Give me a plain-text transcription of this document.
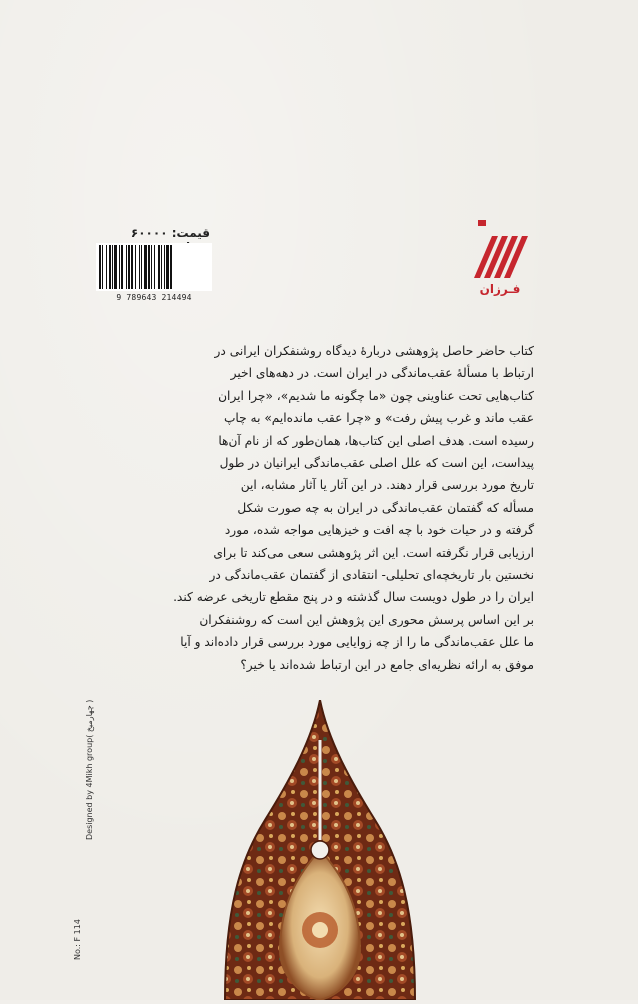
قیمت: ۶۰۰۰۰
9 789643 214494
فـرزان

کتاب حاضر حاصل پژوهشی دربارهٔ دیدگاه روشنفکران ایرانی در

ارتباط با مسألهٔ عقب‌ماندگی در ایران است. در دهه‌های اخیر

کتاب‌هایی تحت عناوینی چون «ما چگونه ما شدیم»، «چرا ایران

عقب ماند و غرب پیش رفت» و «چرا عقب مانده‌ایم» به چاپ

رسیده است. هدف اصلی این کتاب‌ها، همان‌طور که از نام آن‌ها

پیداست، این است که علل اصلی عقب‌ماندگی ایرانیان در طول

تاریخ مورد بررسی قرار دهند. در این آثار یا آثار مشابه، این

مسأله که گفتمان عقب‌ماندگی در ایران به چه صورت شکل

گرفته و در حیات خود با چه افت و خیزهایی مواجه شده، مورد

ارزیابی قرار نگرفته است. این اثر پژوهشی سعی می‌کند تا برای

نخستین بار تاریخچه‌ای تحلیلی- انتقادی از گفتمان عقب‌ماندگی در

ایران را در طول دویست سال گذشته و در پنج مقطع تاریخی عرضه کند.

بر این اساس پرسش محوری این پژوهش این است که روشنفکران

ما علل عقب‌ماندگی ما را از چه زوایایی مورد بررسی قرار داده‌اند و آیا

موفق به ارائه نظریه‌ای جامع در این ارتباط شده‌اند یا خیر؟

Designed by 4Mikh group( چهارمیخ )
No.: F 114
